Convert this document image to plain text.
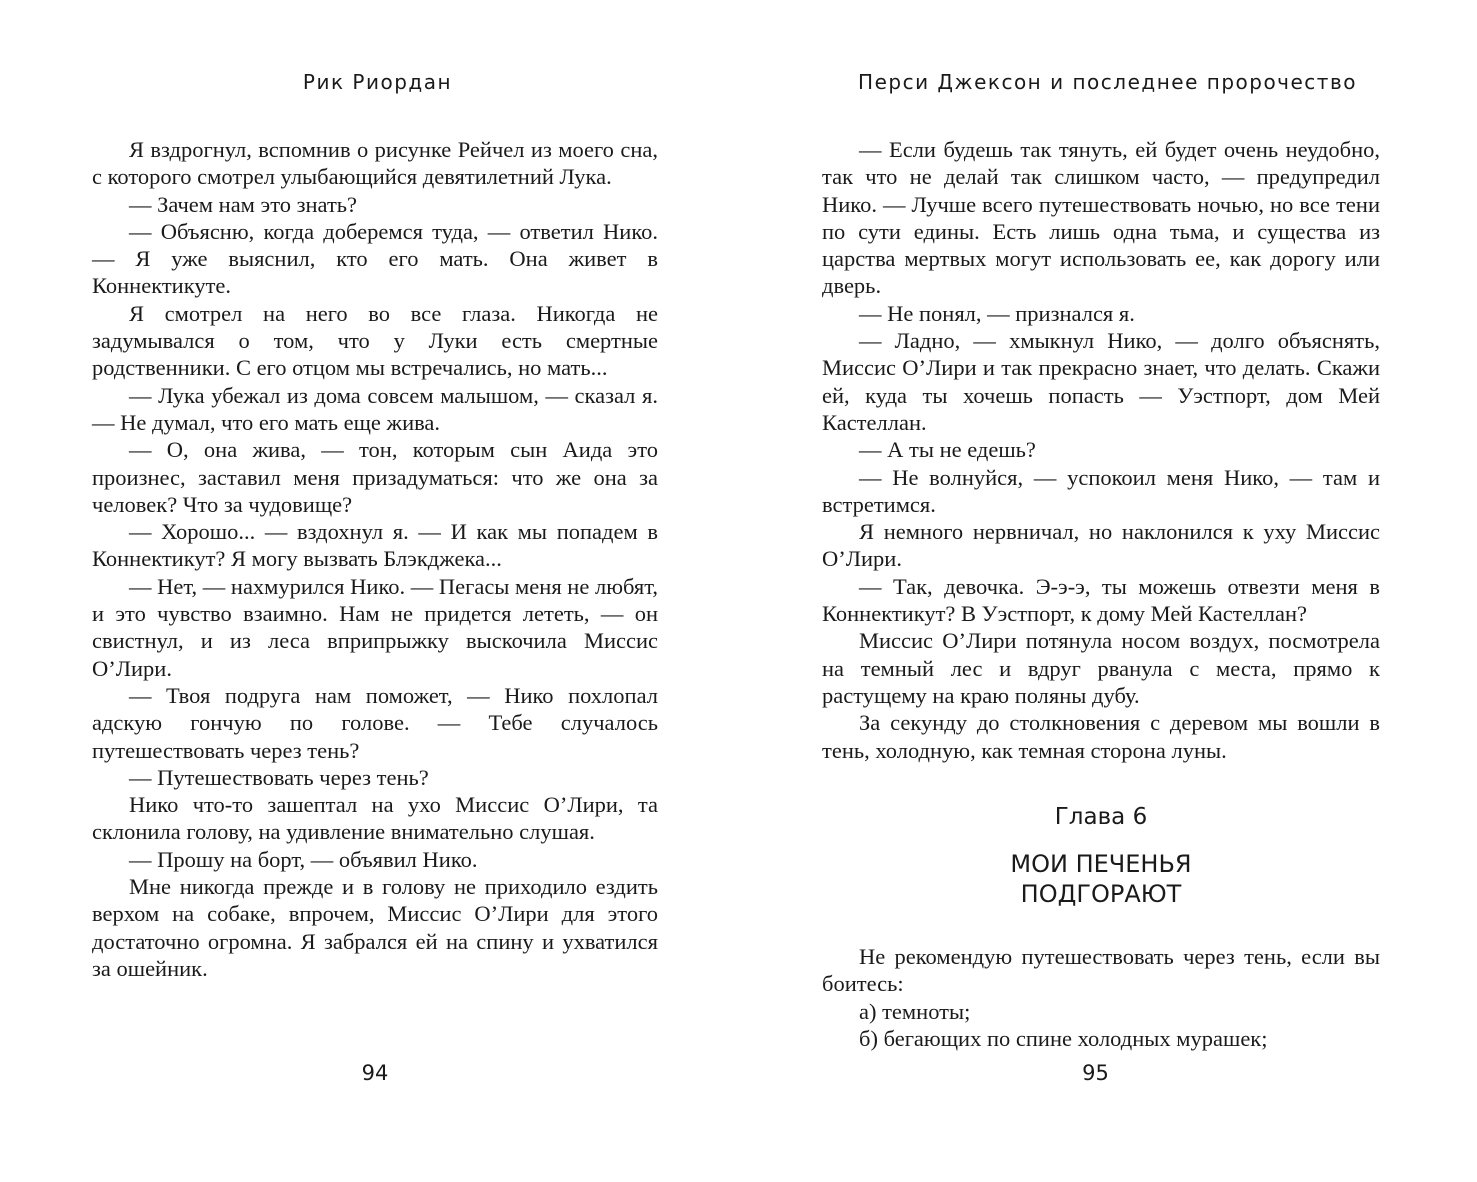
Рик Риордан

Я вздрогнул, вспомнив о рисунке Рейчел из моего сна, с которого смотрел улыбающийся девятилетний Лука.

— Зачем нам это знать?

— Объясню, когда доберемся туда, — ответил Нико. — Я уже выяснил, кто его мать. Она живет в Коннектикуте.

Я смотрел на него во все глаза. Никогда не задумывался о том, что у Луки есть смертные родственники. С его отцом мы встречались, но мать...

— Лука убежал из дома совсем малышом, — сказал я. — Не думал, что его мать еще жива.

— О, она жива, — тон, которым сын Аида это произнес, заставил меня призадуматься: что же она за человек? Что за чудовище?

— Хорошо... — вздохнул я. — И как мы попадем в Коннектикут? Я могу вызвать Блэкджека...

— Нет, — нахмурился Нико. — Пегасы меня не любят, и это чувство взаимно. Нам не придется лететь, — он свистнул, и из леса вприпрыжку выскочила Миссис О’Лири.

— Твоя подруга нам поможет, — Нико похлопал адскую гончую по голове. — Тебе случалось путешествовать через тень?

— Путешествовать через тень?

Нико что-то зашептал на ухо Миссис О’Лири, та склонила голову, на удивление внимательно слушая.

— Прошу на борт, — объявил Нико.

Мне никогда прежде и в голову не приходило ездить верхом на собаке, впрочем, Миссис О’Лири для этого достаточно огромна. Я забрался ей на спину и ухватился за ошейник.

94
Перси Джексон и последнее пророчество

— Если будешь так тянуть, ей будет очень неудобно, так что не делай так слишком часто, — предупредил Нико. — Лучше всего путешествовать ночью, но все тени по сути едины. Есть лишь одна тьма, и существа из царства мертвых могут использовать ее, как дорогу или дверь.

— Не понял, — признался я.

— Ладно, — хмыкнул Нико, — долго объяснять, Миссис О’Лири и так прекрасно знает, что делать. Скажи ей, куда ты хочешь попасть — Уэстпорт, дом Мей Кастеллан.

— А ты не едешь?

— Не волнуйся, — успокоил меня Нико, — там и встретимся.

Я немного нервничал, но наклонился к уху Миссис О’Лири.

— Так, девочка. Э-э-э, ты можешь отвезти меня в Коннектикут? В Уэстпорт, к дому Мей Кастеллан?

Миссис О’Лири потянула носом воздух, посмотрела на темный лес и вдруг рванула с места, прямо к растущему на краю поляны дубу.

За секунду до столкновения с деревом мы вошли в тень, холодную, как темная сторона луны.

Глава 6
МОИ ПЕЧЕНЬЯ ПОДГОРАЮТ

Не рекомендую путешествовать через тень, если вы боитесь:

а) темноты;

б) бегающих по спине холодных мурашек;

95
